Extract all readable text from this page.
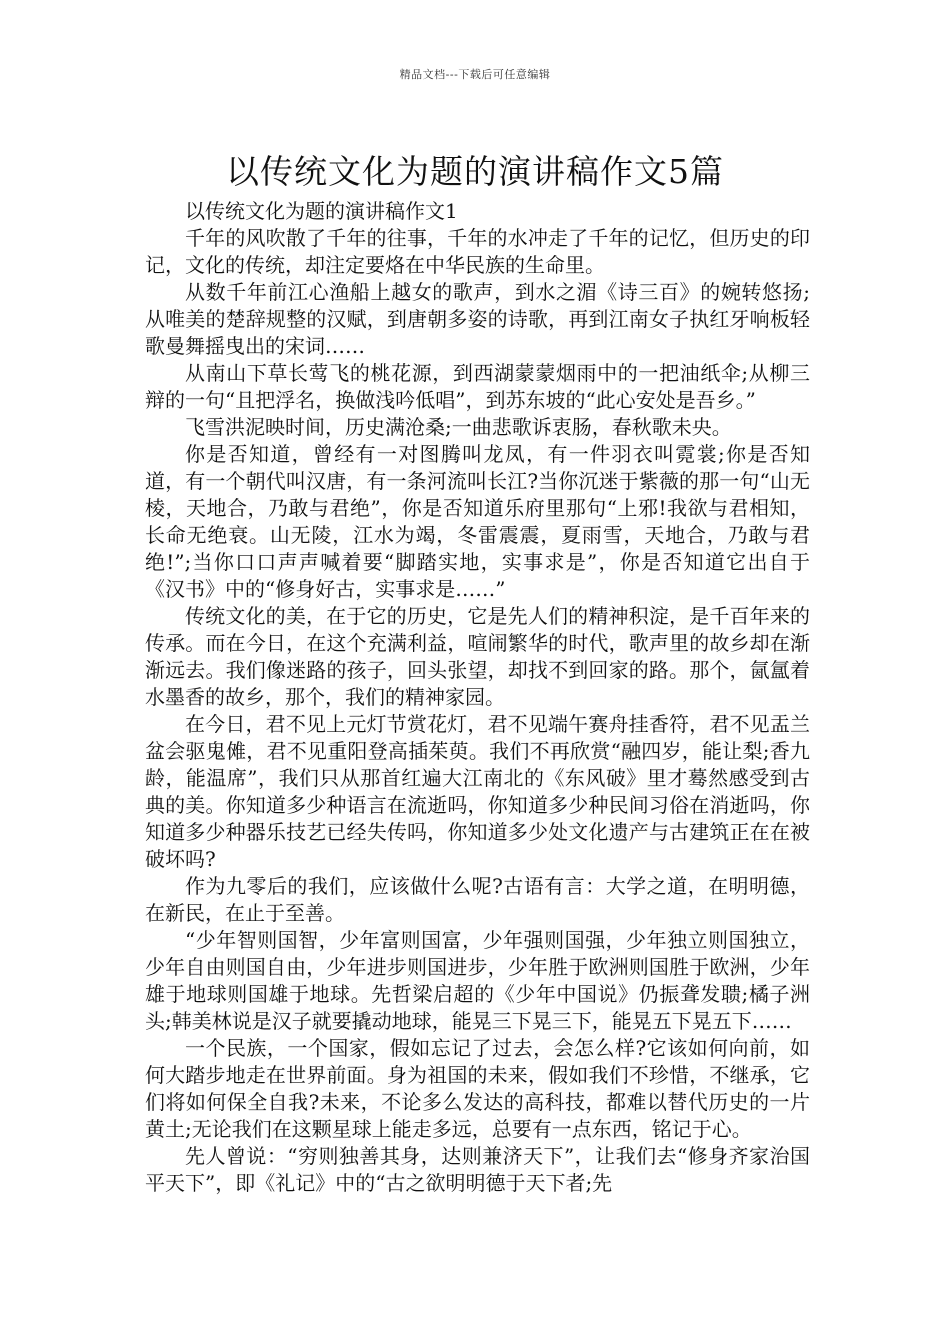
精品文档---下载后可任意编辑
以传统文化为题的演讲稿作文5篇

以传统文化为题的演讲稿作文1

千年的风吹散了千年的往事，千年的水冲走了千年的记忆，但历史的印记，文化的传统，却注定要烙在中华民族的生命里。

从数千年前江心渔船上越女的歌声，到水之湄《诗三百》的婉转悠扬;从唯美的楚辞规整的汉赋，到唐朝多姿的诗歌，再到江南女子执红牙响板轻歌曼舞摇曳出的宋词……

从南山下草长莺飞的桃花源，到西湖蒙蒙烟雨中的一把油纸伞;从柳三辩的一句“且把浮名，换做浅吟低唱”，到苏东坡的“此心安处是吾乡。”

飞雪洪泥映时间，历史满沧桑;一曲悲歌诉衷肠，春秋歌未央。

你是否知道，曾经有一对图腾叫龙凤，有一件羽衣叫霓裳;你是否知道，有一个朝代叫汉唐，有一条河流叫长江?当你沉迷于紫薇的那一句“山无棱，天地合，乃敢与君绝”，你是否知道乐府里那句“上邪!我欲与君相知，长命无绝衰。山无陵，江水为竭，冬雷震震，夏雨雪，天地合，乃敢与君绝!”;当你口口声声喊着要“脚踏实地，实事求是”，你是否知道它出自于《汉书》中的“修身好古，实事求是……”

传统文化的美，在于它的历史，它是先人们的精神积淀，是千百年来的传承。而在今日，在这个充满利益，喧闹繁华的时代，歌声里的故乡却在渐渐远去。我们像迷路的孩子，回头张望，却找不到回家的路。那个，氤氲着水墨香的故乡，那个，我们的精神家园。

在今日，君不见上元灯节赏花灯，君不见端午赛舟挂香符，君不见盂兰盆会驱鬼傩，君不见重阳登高插茱萸。我们不再欣赏“融四岁，能让梨;香九龄，能温席”，我们只从那首红遍大江南北的《东风破》里才蓦然感受到古典的美。你知道多少种语言在流逝吗，你知道多少种民间习俗在消逝吗，你知道多少种器乐技艺已经失传吗，你知道多少处文化遗产与古建筑正在在被破坏吗?

作为九零后的我们，应该做什么呢?古语有言：大学之道，在明明德，在新民，在止于至善。

“少年智则国智，少年富则国富，少年强则国强，少年独立则国独立，少年自由则国自由，少年进步则国进步，少年胜于欧洲则国胜于欧洲，少年雄于地球则国雄于地球。先哲梁启超的《少年中国说》仍振聋发聩;橘子洲头;韩美林说是汉子就要撬动地球，能晃三下晃三下，能晃五下晃五下……

一个民族，一个国家，假如忘记了过去，会怎么样?它该如何向前，如何大踏步地走在世界前面。身为祖国的未来，假如我们不珍惜，不继承，它们将如何保全自我?未来，不论多么发达的高科技，都难以替代历史的一片黄土;无论我们在这颗星球上能走多远，总要有一点东西，铭记于心。

先人曾说：“穷则独善其身，达则兼济天下”，让我们去“修身齐家治国平天下”，即《礼记》中的“古之欲明明德于天下者;先
